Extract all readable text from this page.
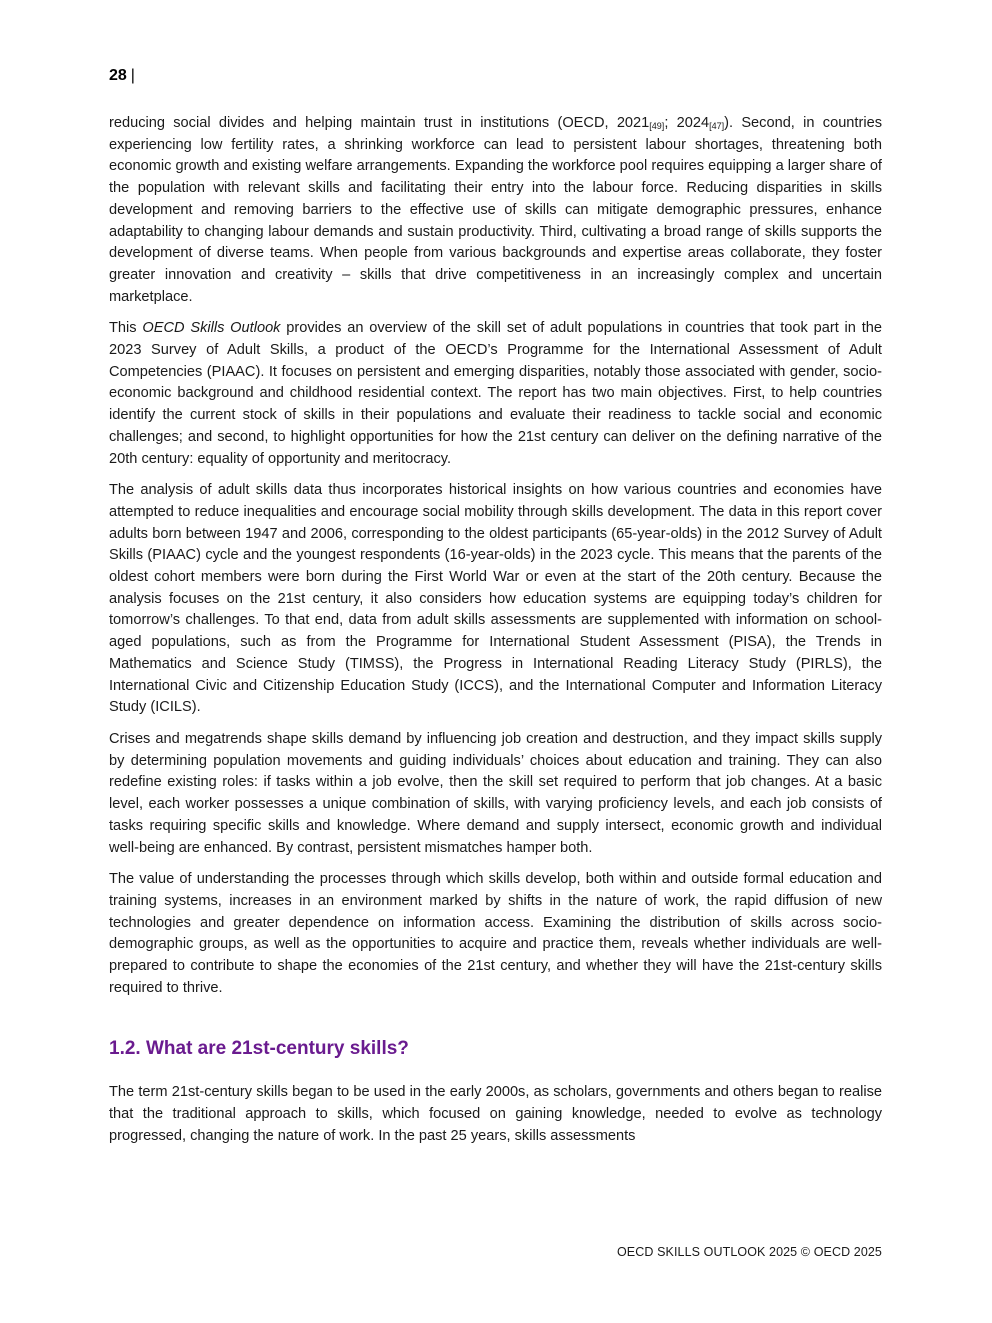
28 |

reducing social divides and helping maintain trust in institutions (OECD, $2021_{[49]}$; $2024_{[47]}$). Second, in countries experiencing low fertility rates, a shrinking workforce can lead to persistent labour shortages, threatening both economic growth and existing welfare arrangements. Expanding the workforce pool requires equipping a larger share of the population with relevant skills and facilitating their entry into the labour force. Reducing disparities in skills development and removing barriers to the effective use of skills can mitigate demographic pressures, enhance adaptability to changing labour demands and sustain productivity. Third, cultivating a broad range of skills supports the development of diverse teams. When people from various backgrounds and expertise areas collaborate, they foster greater innovation and creativity – skills that drive competitiveness in an increasingly complex and uncertain marketplace.

This OECD Skills Outlook provides an overview of the skill set of adult populations in countries that took part in the 2023 Survey of Adult Skills, a product of the OECD’s Programme for the International Assessment of Adult Competencies (PIAAC). It focuses on persistent and emerging disparities, notably those associated with gender, socio-economic background and childhood residential context. The report has two main objectives. First, to help countries identify the current stock of skills in their populations and evaluate their readiness to tackle social and economic challenges; and second, to highlight opportunities for how the 21st century can deliver on the defining narrative of the 20th century: equality of opportunity and meritocracy.

The analysis of adult skills data thus incorporates historical insights on how various countries and economies have attempted to reduce inequalities and encourage social mobility through skills development. The data in this report cover adults born between 1947 and 2006, corresponding to the oldest participants (65-year-olds) in the 2012 Survey of Adult Skills (PIAAC) cycle and the youngest respondents (16-year-olds) in the 2023 cycle. This means that the parents of the oldest cohort members were born during the First World War or even at the start of the 20th century. Because the analysis focuses on the 21st century, it also considers how education systems are equipping today’s children for tomorrow’s challenges. To that end, data from adult skills assessments are supplemented with information on school-aged populations, such as from the Programme for International Student Assessment (PISA), the Trends in Mathematics and Science Study (TIMSS), the Progress in International Reading Literacy Study (PIRLS), the International Civic and Citizenship Education Study (ICCS), and the International Computer and Information Literacy Study (ICILS).

Crises and megatrends shape skills demand by influencing job creation and destruction, and they impact skills supply by determining population movements and guiding individuals’ choices about education and training. They can also redefine existing roles: if tasks within a job evolve, then the skill set required to perform that job changes. At a basic level, each worker possesses a unique combination of skills, with varying proficiency levels, and each job consists of tasks requiring specific skills and knowledge. Where demand and supply intersect, economic growth and individual well-being are enhanced. By contrast, persistent mismatches hamper both.

The value of understanding the processes through which skills develop, both within and outside formal education and training systems, increases in an environment marked by shifts in the nature of work, the rapid diffusion of new technologies and greater dependence on information access. Examining the distribution of skills across socio-demographic groups, as well as the opportunities to acquire and practice them, reveals whether individuals are well-prepared to contribute to shape the economies of the 21st century, and whether they will have the 21st-century skills required to thrive.

1.2. What are 21st-century skills?

The term 21st-century skills began to be used in the early 2000s, as scholars, governments and others began to realise that the traditional approach to skills, which focused on gaining knowledge, needed to evolve as technology progressed, changing the nature of work. In the past 25 years, skills assessments

OECD SKILLS OUTLOOK 2025 © OECD 2025
